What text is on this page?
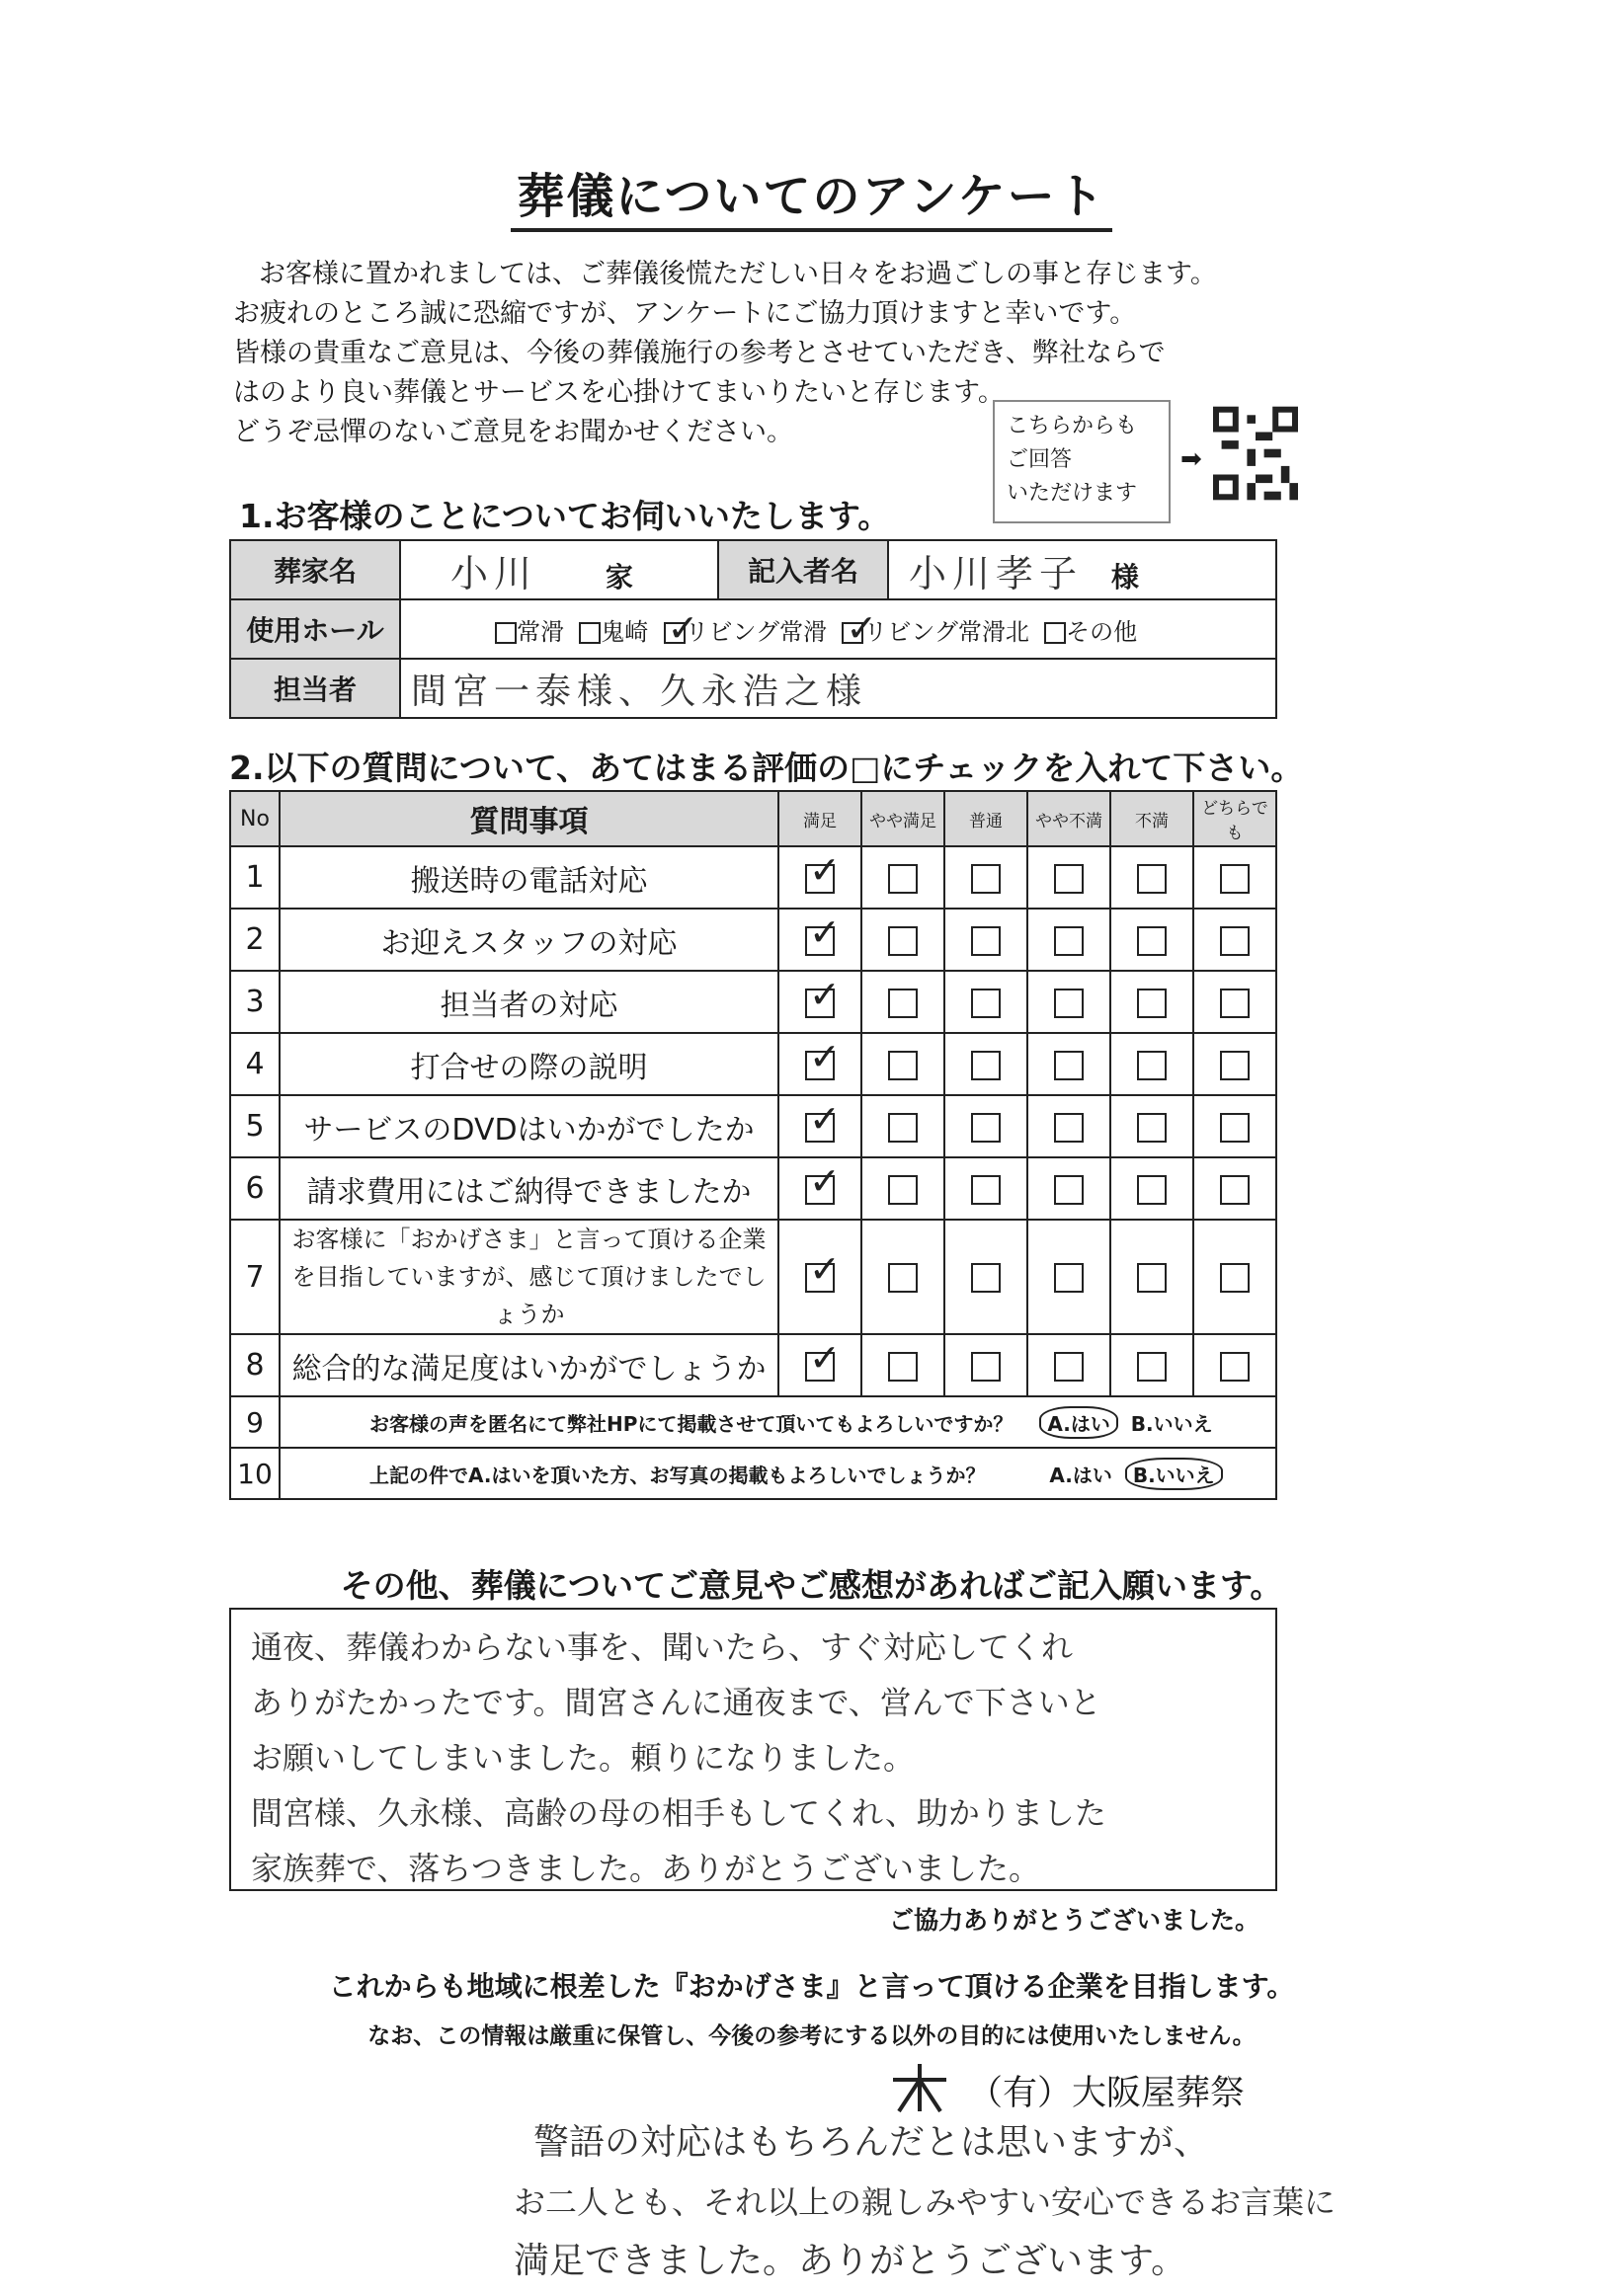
葬儀についてのアンケート
お客様に置かれましては、ご葬儀後慌ただしい日々をお過ごしの事と存じます。
お疲れのところ誠に恐縮ですが、アンケートにご協力頂けますと幸いです。
皆様の貴重なご意見は、今後の葬儀施行の参考とさせていただき、弊社ならで
はのより良い葬儀とサービスを心掛けてまいりたいと存じます。
どうぞ忌憚のないご意見をお聞かせください。	こちらからも
ご回答
いただけます
➡
1.お客様のことについてお伺いいたします。
葬家名	小川 家	記入者名	小川孝子 様
使用ホール	常滑 鬼崎 ✓ リビング常滑 ✓ リビング常滑北 その他
担当者	間宮一泰様、久永浩之様		
2.以下の質問について、あてはまる評価の□にチェックを入れて下さい。
No	質問事項	満足	やや満足	普通	やや不満	不満	どちらでも
1	搬送時の電話対応	✓					
2	お迎えスタッフの対応	✓					
3	担当者の対応	✓					
4	打合せの際の説明	✓					
5	サービスのDVDはいかがでしたか	✓					
6	請求費用にはご納得できましたか	✓					
7	お客様に「おかげさま」と言って頂ける企業を目指していますが、感じて頂けましたでしょうか	✓					
8	総合的な満足度はいかがでしょうか	✓					
9	お客様の声を匿名にて弊社HPにて掲載させて頂いてもよろしいですか？ A.はい B.いいえ						
10	上記の件でA.はいを頂いた方、お写真の掲載もよろしいでしょうか？ A.はい B.いいえ						
その他、葬儀についてご意見やご感想があればご記入願います。
通夜、葬儀わからない事を、聞いたら、すぐ対応してくれ
ありがたかったです。間宮さんに通夜まで、営んで下さいと
お願いしてしまいました。頼りになりました。
間宮様、久永様、高齢の母の相手もしてくれ、助かりました
家族葬で、落ちつきました。ありがとうございました。
ご協力ありがとうございました。
これからも地域に根差した『おかげさま』と言って頂ける企業を目指します。
なお、この情報は厳重に保管し、今後の参考にする以外の目的には使用いたしません。
（有）大阪屋葬祭
警語の対応はもちろんだとは思いますが、
お二人とも、それ以上の親しみやすい安心できるお言葉に
満足できました。ありがとうございます。
